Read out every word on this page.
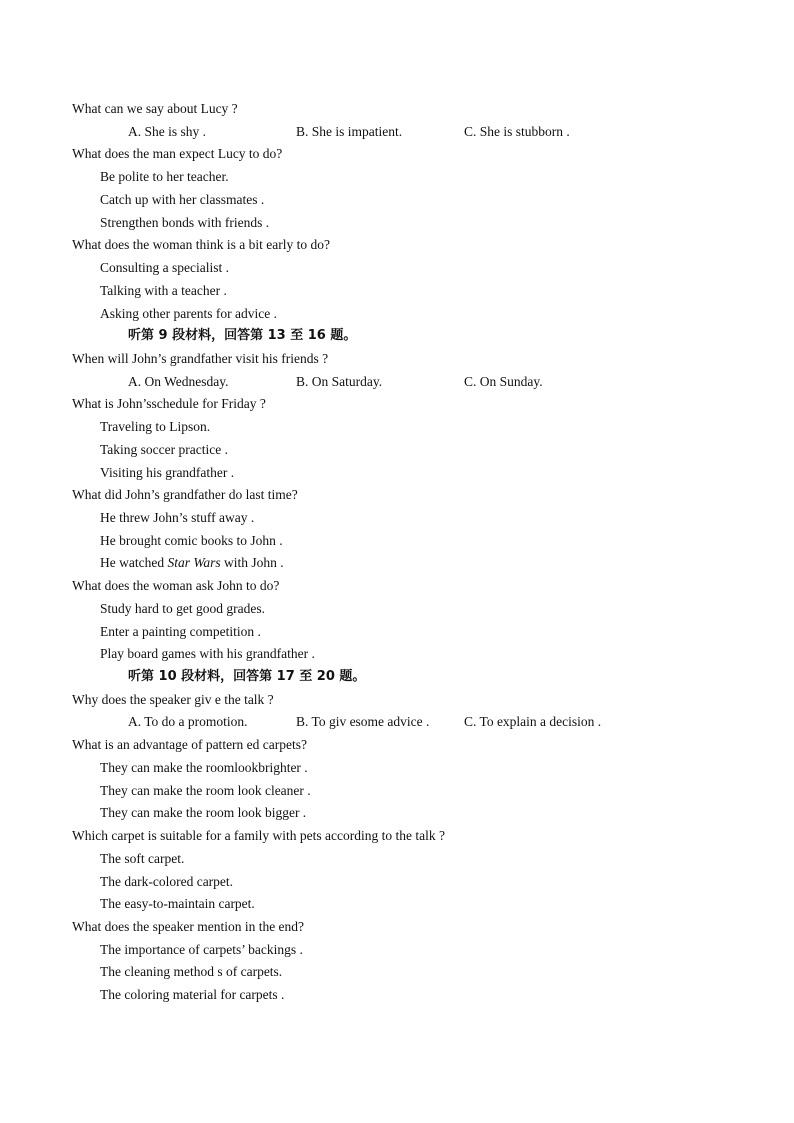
What can we say about Lucy ?
A. She is shy .	B. She is impatient.	C. She is stubborn .
What does the man expect Lucy to do?
Be polite to her teacher.
Catch up with her classmates .
Strengthen bonds with friends .
What does the woman think is a bit early to do?
Consulting a specialist .
Talking with a teacher .
Asking other parents for advice .
听第 9 段材料，回答第 13 至 16 题。
When will John’s grandfather visit his friends ?
A. On Wednesday.	B. On Saturday.	C. On Sunday.
What is John’sschedule for Friday ?
Traveling to Lipson.
Taking soccer practice .
Visiting his grandfather .
What did John’s grandfather do last time?
He threw John’s stuff away .
He brought comic books to John .
He watched Star Wars with John .
What does the woman ask John to do?
Study hard to get good grades.
Enter a painting competition .
Play board games with his grandfather .
听第 10 段材料，回答第 17 至 20 题。
Why does the speaker giv e the talk ?
A. To do a promotion.	B. To giv esome advice .	C. To explain a decision .
What is an advantage of pattern ed carpets?
They can make the roomlookbrighter .
They can make the room look cleaner .
They can make the room look bigger .
Which carpet is suitable for a family with pets according to the talk ?
The soft carpet.
The dark-colored carpet.
The easy-to-maintain carpet.
What does the speaker mention in the end?
The importance of carpets’ backings .
The cleaning method s of carpets.
The coloring material for carpets .
